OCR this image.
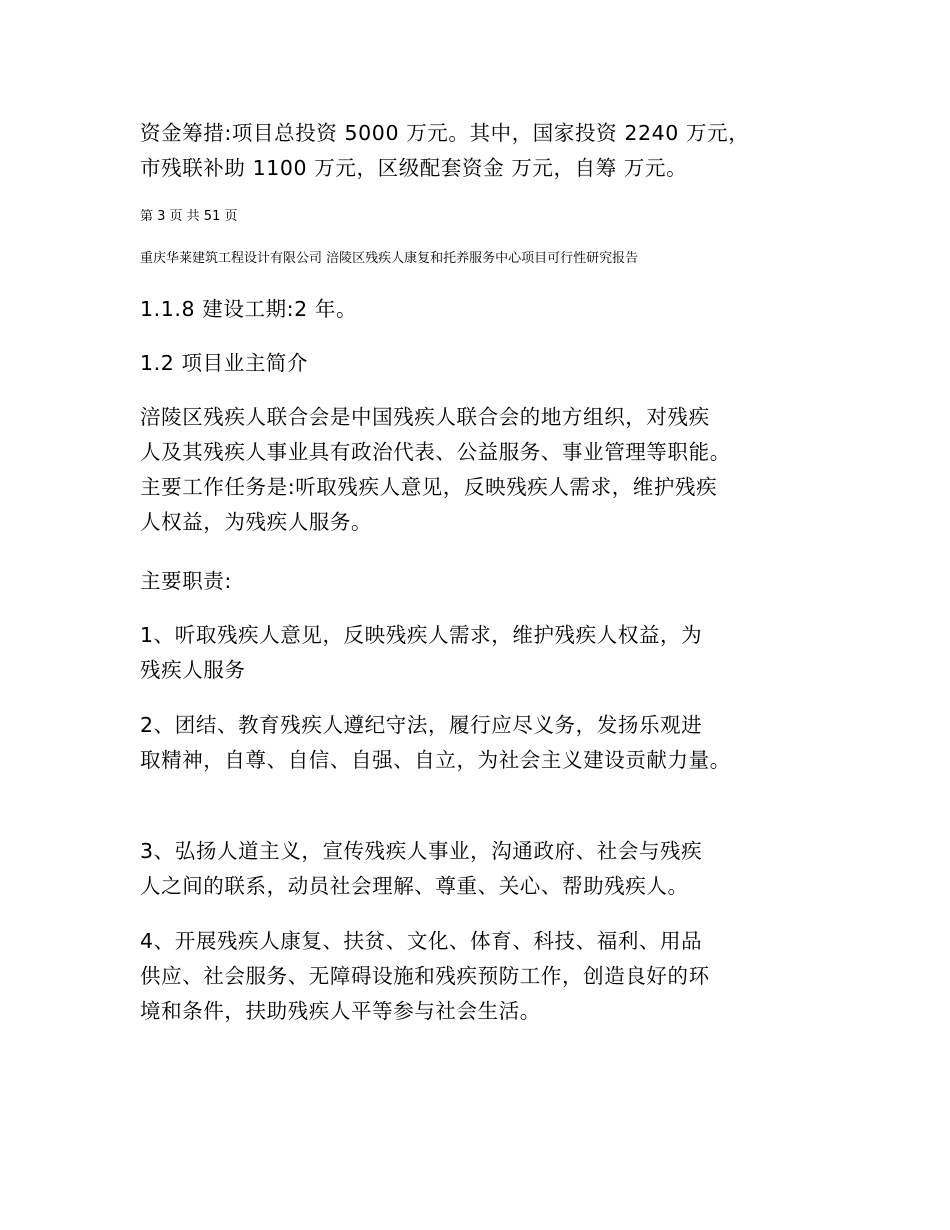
资金筹措:项目总投资 5000 万元。其中，国家投资 2240 万元，
市残联补助 1100 万元，区级配套资金 万元，自筹 万元。
第 3 页 共 51 页
重庆华莱建筑工程设计有限公司 涪陵区残疾人康复和托养服务中心项目可行性研究报告
1.1.8 建设工期:2 年。
1.2 项目业主简介
涪陵区残疾人联合会是中国残疾人联合会的地方组织，对残疾
人及其残疾人事业具有政治代表、公益服务、事业管理等职能。
主要工作任务是:听取残疾人意见，反映残疾人需求，维护残疾
人权益，为残疾人服务。
主要职责:
1、听取残疾人意见，反映残疾人需求，维护残疾人权益，为
残疾人服务
2、团结、教育残疾人遵纪守法，履行应尽义务，发扬乐观进
取精神，自尊、自信、自强、自立，为社会主义建设贡献力量。
3、弘扬人道主义，宣传残疾人事业，沟通政府、社会与残疾
人之间的联系，动员社会理解、尊重、关心、帮助残疾人。
4、开展残疾人康复、扶贫、文化、体育、科技、福利、用品
供应、社会服务、无障碍设施和残疾预防工作，创造良好的环
境和条件，扶助残疾人平等参与社会生活。
